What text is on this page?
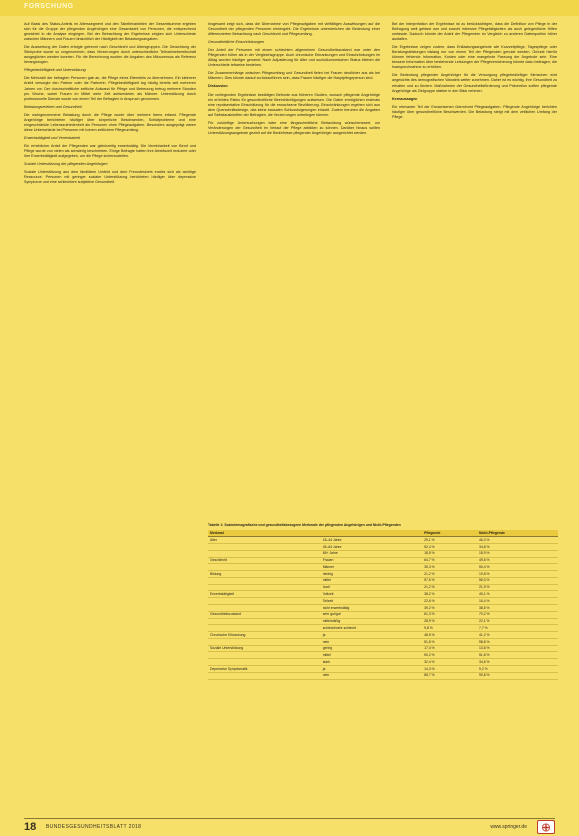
FORSCHUNG

Auf Basis des Status-Anteils im Alterssegment und den Tabellenanteilen der Gesamtsumme ergeben sich für die Gruppe der pflegenden Angehörigen eine Gesamtzahl von Personen, die entsprechend gewichtet in die Analyse eingingen. Bei der Betrachtung der Ergebnisse zeigten sich Unterschiede zwischen Männern und Frauen hinsichtlich der Häufigkeit der Belastungsangaben.

Die Auswertung der Daten erfolgte getrennt nach Geschlecht und Altersgruppen. Die Gewichtung der Stichprobe wurde so vorgenommen, dass Verzerrungen durch unterschiedliche Teilnahmebereitschaft ausgeglichen werden konnten. Für die Berechnung wurden die Angaben des Mikrozensus als Referenz herangezogen.

Pflegebedürftigkeit und Unterstützung

Die Mehrzahl der befragten Personen gab an, die Pflege eines Elternteils zu übernehmen. Ein kleinerer Anteil versorgte den Partner oder die Partnerin. Pflegebedürftigkeit lag häufig bereits seit mehreren Jahren vor. Der durchschnittliche zeitliche Aufwand für Pflege und Betreuung betrug mehrere Stunden pro Woche, wobei Frauen im Mittel mehr Zeit aufwendeten als Männer. Unterstützung durch professionelle Dienste wurde von einem Teil der Befragten in Anspruch genommen.

Belastungserleben und Gesundheit

Die wahrgenommene Belastung durch die Pflege wurde über mehrere Items erfasst. Pflegende Angehörige berichteten häufiger über körperliche Beschwerden, Schlafprobleme und eine eingeschränkte Lebenszufriedenheit als Personen ohne Pflegeaufgaben. Besonders ausgeprägt waren diese Unterschiede bei Personen mit hohem zeitlichem Pflegeumfang.

Erwerbstätigkeit und Vereinbarkeit

Ein erheblicher Anteil der Pflegenden war gleichzeitig erwerbstätig. Die Vereinbarkeit von Beruf und Pflege wurde von vielen als schwierig beschrieben. Einige Befragte hatten ihre Arbeitszeit reduziert oder ihre Erwerbstätigkeit aufgegeben, um die Pflege sicherzustellen.

Soziale Unterstützung der pflegenden Angehörigen

Soziale Unterstützung aus dem familiären Umfeld und dem Freundeskreis erwies sich als wichtige Ressource. Personen mit geringer sozialer Unterstützung berichteten häufiger über depressive Symptome und eine schlechtere subjektive Gesundheit.

Insgesamt zeigt sich, dass die Übernahme von Pflegeaufgaben mit vielfältigen Auswirkungen auf die Gesundheit der pflegenden Personen einhergeht. Die Ergebnisse unterstreichen die Bedeutung einer differenzierten Betrachtung nach Geschlecht und Pflegeumfang.

Gesundheitliche Einschränkungen

Der Anteil der Personen mit einem schlechten allgemeinen Gesundheitszustand war unter den Pflegenden höher als in der Vergleichsgruppe. Auch chronische Erkrankungen und Einschränkungen im Alltag wurden häufiger genannt. Nach Adjustierung für Alter und sozioökonomischen Status blieben die Unterschiede teilweise bestehen.

Die Zusammenhänge zwischen Pflegeumfang und Gesundheit fielen bei Frauen deutlicher aus als bei Männern. Dies könnte darauf zurückzuführen sein, dass Frauen häufiger die Hauptpflegeperson sind.

Diskussion

Die vorliegenden Ergebnisse bestätigen Befunde aus früheren Studien, wonach pflegende Angehörige ein erhöhtes Risiko für gesundheitliche Beeinträchtigungen aufweisen. Die Daten ermöglichen erstmals eine repräsentative Einschätzung für die erwachsene Bevölkerung. Einschränkungen ergeben sich aus dem Querschnittsdesign, das keine kausalen Schlussfolgerungen erlaubt. Zudem beruhen die Angaben auf Selbstauskünften der Befragten, die Verzerrungen unterliegen können.

Für zukünftige Untersuchungen wäre eine längsschnittliche Betrachtung wünschenswert, um Veränderungen der Gesundheit im Verlauf der Pflege abbilden zu können. Darüber hinaus sollten Unterstützungsangebote gezielt auf die Bedürfnisse pflegender Angehöriger ausgerichtet werden.

Bei der Interpretation der Ergebnisse ist zu berücksichtigen, dass die Definition von Pflege in der Befragung weit gefasst war und sowohl intensive Pflegetätigkeiten als auch gelegentliche Hilfen umfasste. Dadurch könnte der Anteil der Pflegenden im Vergleich zu anderen Datenquellen höher ausfallen.

Die Ergebnisse zeigen zudem, dass Entlastungsangebote wie Kurzzeitpflege, Tagespflege oder Beratungsleistungen bislang nur von einem Teil der Pflegenden genutzt werden. Gründe hierfür können fehlende Information, Kosten oder eine mangelnde Passung der Angebote sein. Eine bessere Information über bestehende Leistungen der Pflegeversicherung könnte dazu beitragen, die Inanspruchnahme zu erhöhen.

Die Bedeutung pflegender Angehöriger für die Versorgung pflegebedürftiger Menschen wird angesichts des demografischen Wandels weiter zunehmen. Daher ist es wichtig, ihre Gesundheit zu erhalten und zu fördern. Maßnahmen der Gesundheitsförderung und Prävention sollten pflegende Angehörige als Zielgruppe stärker in den Blick nehmen.

Kernaussagen

Ein relevanter Teil der Erwachsenen übernimmt Pflegeaufgaben. Pflegende Angehörige berichten häufiger über gesundheitliche Beschwerden. Die Belastung steigt mit dem zeitlichen Umfang der Pflege.

Tabelle 1: Soziodemografische und gesundheitsbezogene Merkmale der pflegenden Angehörigen und Nicht-Pflegenden
Merkmal		Pflegende	Nicht-Pflegende
Alter	18–44 Jahre	29,1 %	46,3 %
	45–64 Jahre	52,4 %	34,8 %
	65+ Jahre	18,5 %	18,9 %
Geschlecht	Frauen	64,7 %	49,6 %
	Männer	35,3 %	50,4 %
Bildung	niedrig	21,2 %	19,8 %
	mittel	57,6 %	58,3 %
	hoch	21,2 %	21,9 %
Erwerbstätigkeit	Vollzeit	38,2 %	45,1 %
	Teilzeit	22,6 %	16,4 %
	nicht erwerbstätig	39,2 %	38,5 %
Gesundheitszustand	sehr gut/gut	61,3 %	70,2 %
	mittelmäßig	28,9 %	22,1 %
	schlecht/sehr schlecht	9,8 %	7,7 %
Chronische Erkrankung	ja	48,5 %	41,2 %
	nein	51,5 %	58,8 %
Soziale Unterstützung	gering	17,4 %	13,6 %
	mittel	50,2 %	51,8 %
	stark	32,4 %	34,6 %
Depressive Symptomatik	ja	14,3 %	9,2 %
	nein	85,7 %	90,8 %
18 BUNDESGESUNDHEITSBLATT 2018	www.springer.de
